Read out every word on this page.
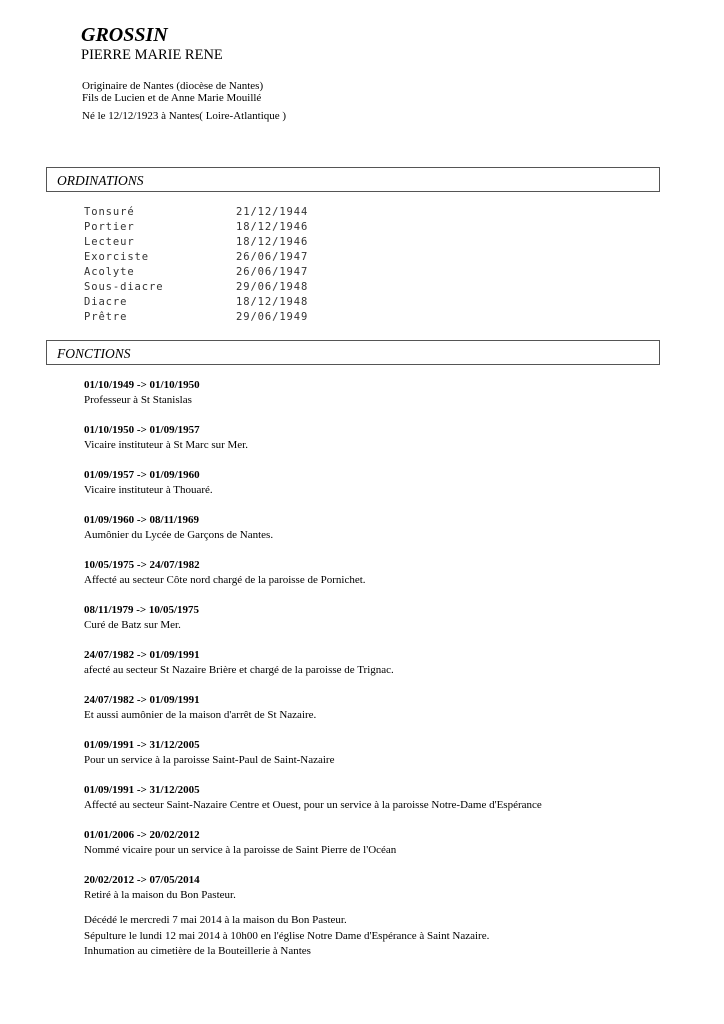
GROSSIN
PIERRE MARIE RENE
Originaire de Nantes (diocèse de Nantes)
Fils de Lucien et de Anne Marie Mouillé
Né le 12/12/1923 à Nantes( Loire-Atlantique )
ORDINATIONS
Tonsuré	21/12/1944
Portier	18/12/1946
Lecteur	18/12/1946
Exorciste	26/06/1947
Acolyte	26/06/1947
Sous-diacre	29/06/1948
Diacre	18/12/1948
Prêtre	29/06/1949
FONCTIONS
01/10/1949 -> 01/10/1950
Professeur à St Stanislas
01/10/1950 -> 01/09/1957
Vicaire instituteur à St Marc sur Mer.
01/09/1957 -> 01/09/1960
Vicaire instituteur à Thouaré.
01/09/1960 -> 08/11/1969
Aumônier du Lycée de Garçons de Nantes.
10/05/1975 -> 24/07/1982
Affecté au secteur Côte nord chargé de la paroisse de Pornichet.
08/11/1979 -> 10/05/1975
Curé de Batz sur Mer.
24/07/1982 -> 01/09/1991
afecté au secteur St Nazaire Brière et chargé de la paroisse de Trignac.
24/07/1982 -> 01/09/1991
Et aussi aumônier de la maison d'arrêt de St Nazaire.
01/09/1991 -> 31/12/2005
Pour un service à la paroisse Saint-Paul de Saint-Nazaire
01/09/1991 -> 31/12/2005
Affecté au secteur Saint-Nazaire Centre et Ouest, pour un service à la paroisse Notre-Dame d'Espérance
01/01/2006 -> 20/02/2012
Nommé vicaire pour un service à la paroisse de Saint Pierre de l'Océan
20/02/2012 -> 07/05/2014
Retiré à la maison du Bon Pasteur.
Décédé le mercredi 7 mai 2014 à la maison du Bon Pasteur.
Sépulture le lundi 12 mai 2014 à 10h00 en l'église Notre Dame d'Espérance à Saint Nazaire.
Inhumation au cimetière de la Bouteillerie à Nantes
